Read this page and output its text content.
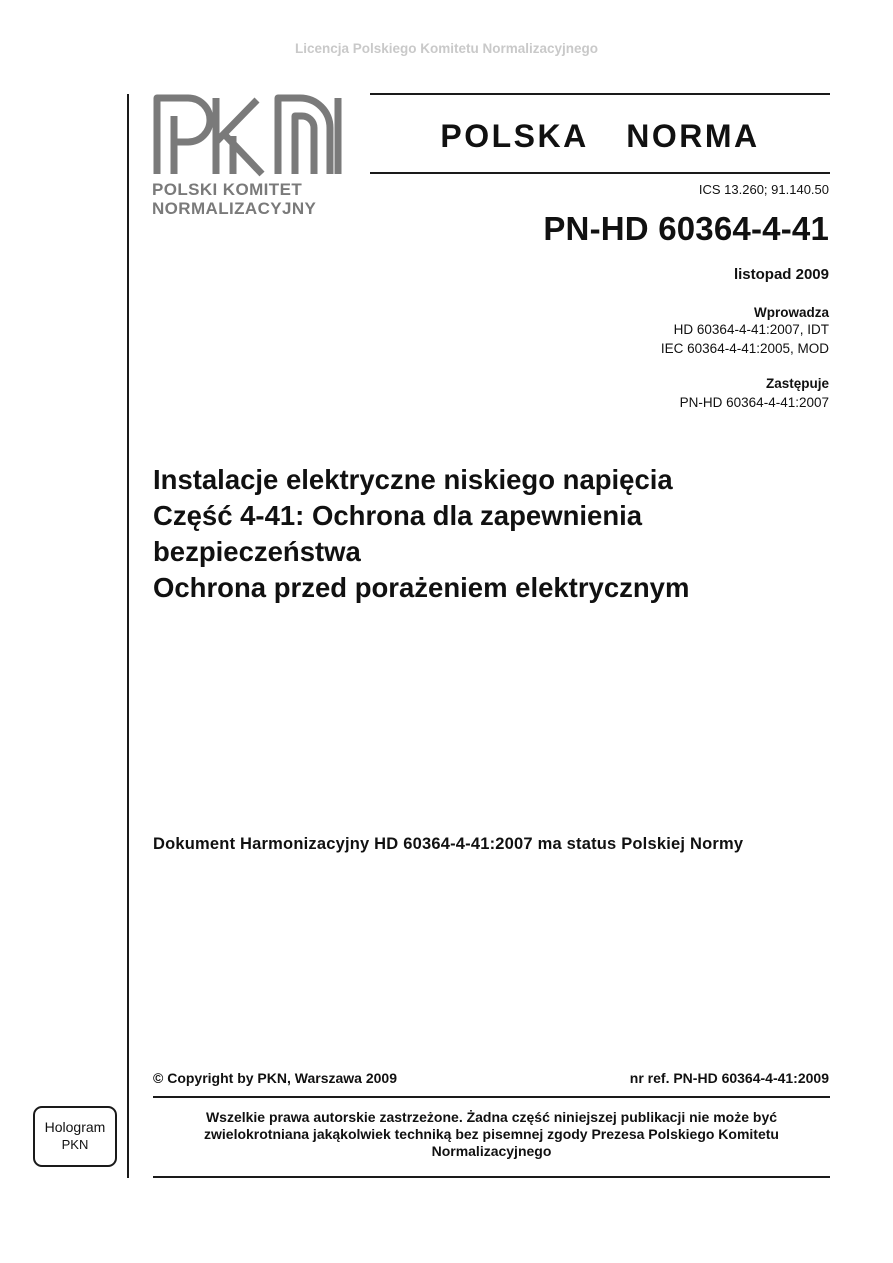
Licencja Polskiego Komitetu Normalizacyjnego
POLSKI KOMITET
NORMALIZACYJNY
POLSKA  NORMA
ICS 13.260; 91.140.50
PN-HD 60364-4-41
listopad 2009
Wprowadza
HD 60364-4-41:2007, IDT
IEC 60364-4-41:2005, MOD
Zastępuje
PN-HD 60364-4-41:2007
Instalacje elektryczne niskiego napięcia
Część 4-41: Ochrona dla zapewnienia
bezpieczeństwa
Ochrona przed porażeniem elektrycznym
Dokument Harmonizacyjny HD 60364-4-41:2007 ma status Polskiej Normy
© Copyright by PKN, Warszawa 2009	nr ref. PN-HD 60364-4-41:2009
Wszelkie prawa autorskie zastrzeżone. Żadna część niniejszej publikacji nie może być
zwielokrotniana jakąkolwiek techniką bez pisemnej zgody Prezesa Polskiego Komitetu
Normalizacyjnego
Hologram
PKN
